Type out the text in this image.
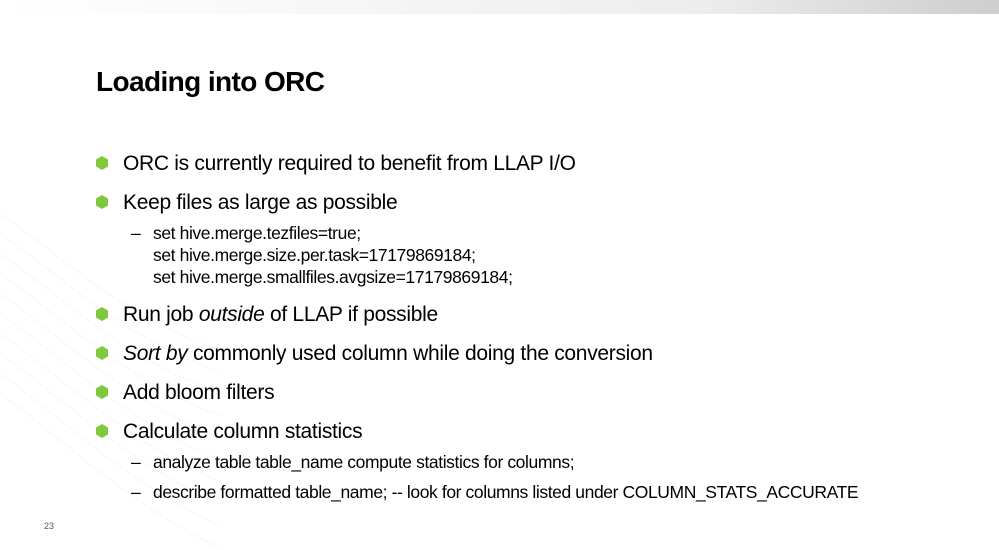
Loading into ORC
ORC is currently required to benefit from LLAP I/O
Keep files as large as possible
– set hive.merge.tezfiles=true;
set hive.merge.size.per.task=17179869184;
set hive.merge.smallfiles.avgsize=17179869184;
Run job outside of LLAP if possible
Sort by commonly used column while doing the conversion
Add bloom filters
Calculate column statistics
– analyze table table_name compute statistics for columns;
– describe formatted table_name; -- look for columns listed under COLUMN_STATS_ACCURATE
23
